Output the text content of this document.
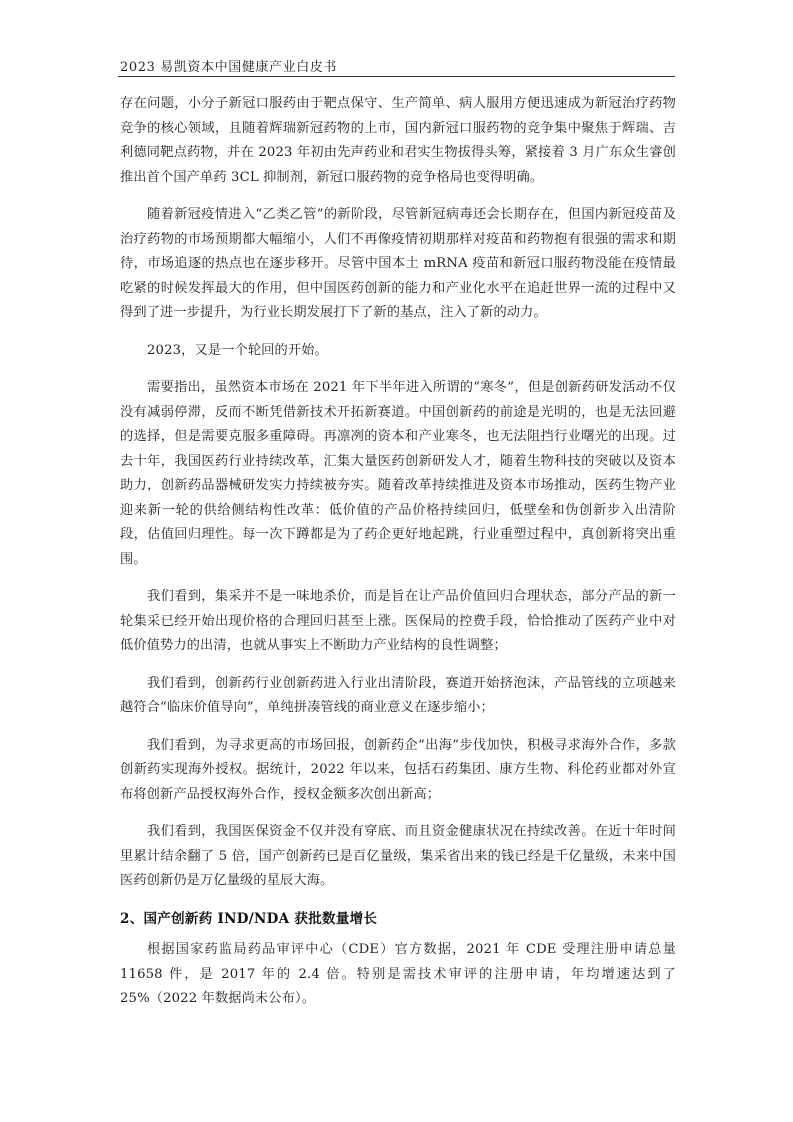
2023 易凯资本中国健康产业白皮书

存在问题，小分子新冠口服药由于靶点保守、生产简单、病人服用方便迅速成为新冠治疗药物竞争的核心领域，且随着辉瑞新冠药物的上市，国内新冠口服药物的竞争集中聚焦于辉瑞、吉利德同靶点药物，并在 2023 年初由先声药业和君实生物拔得头筹，紧接着 3 月广东众生睿创推出首个国产单药 3CL 抑制剂，新冠口服药物的竞争格局也变得明确。

随着新冠疫情进入“乙类乙管”的新阶段，尽管新冠病毒还会长期存在，但国内新冠疫苗及治疗药物的市场预期都大幅缩小，人们不再像疫情初期那样对疫苗和药物抱有很强的需求和期待，市场追逐的热点也在逐步移开。尽管中国本土 mRNA 疫苗和新冠口服药物没能在疫情最吃紧的时候发挥最大的作用，但中国医药创新的能力和产业化水平在追赶世界一流的过程中又得到了进一步提升，为行业长期发展打下了新的基点，注入了新的动力。

2023，又是一个轮回的开始。

需要指出，虽然资本市场在 2021 年下半年进入所谓的“寒冬”，但是创新药研发活动不仅没有减弱停滞，反而不断凭借新技术开拓新赛道。中国创新药的前途是光明的，也是无法回避的选择，但是需要克服多重障碍。再凛冽的资本和产业寒冬，也无法阻挡行业曙光的出现。过去十年，我国医药行业持续改革，汇集大量医药创新研发人才，随着生物科技的突破以及资本助力，创新药品器械研发实力持续被夯实。随着改革持续推进及资本市场推动，医药生物产业迎来新一轮的供给侧结构性改革：低价值的产品价格持续回归，低壁垒和伪创新步入出清阶段，估值回归理性。每一次下蹲都是为了药企更好地起跳，行业重塑过程中，真创新将突出重围。

我们看到，集采并不是一味地杀价，而是旨在让产品价值回归合理状态，部分产品的新一轮集采已经开始出现价格的合理回归甚至上涨。医保局的控费手段，恰恰推动了医药产业中对低价值势力的出清，也就从事实上不断助力产业结构的良性调整；

我们看到，创新药行业创新药进入行业出清阶段，赛道开始挤泡沫，产品管线的立项越来越符合“临床价值导向”，单纯拼凑管线的商业意义在逐步缩小；

我们看到，为寻求更高的市场回报，创新药企“出海”步伐加快，积极寻求海外合作，多款创新药实现海外授权。据统计，2022 年以来，包括石药集团、康方生物、科伦药业都对外宣布将创新产品授权海外合作，授权金额多次创出新高；

我们看到，我国医保资金不仅并没有穿底、而且资金健康状况在持续改善。在近十年时间里累计结余翻了 5 倍，国产创新药已是百亿量级，集采省出来的钱已经是千亿量级，未来中国医药创新仍是万亿量级的星辰大海。

2、国产创新药 IND/NDA 获批数量增长

根据国家药监局药品审评中心（CDE）官方数据，2021 年 CDE 受理注册申请总量 11658 件，是 2017 年的 2.4 倍。特别是需技术审评的注册申请，年均增速达到了 25%（2022 年数据尚未公布）。
